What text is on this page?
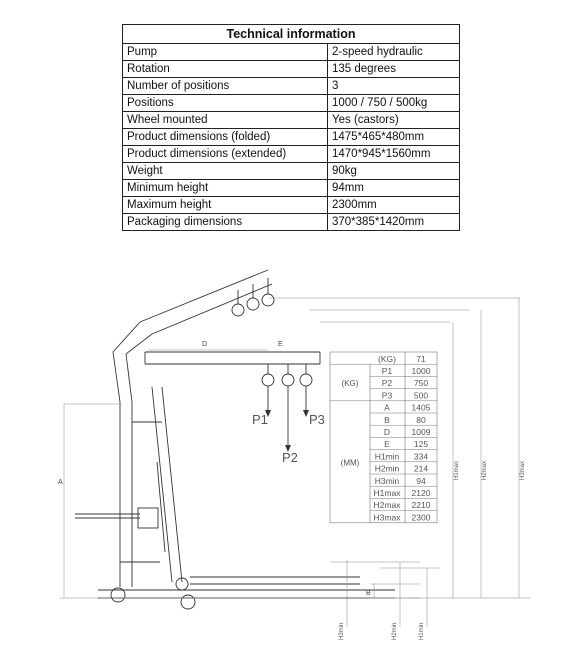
Technical information	
Pump	2-speed hydraulic
Rotation	135 degrees
Number of positions	3
Positions	1000 / 750 / 500kg
Wheel mounted	Yes (castors)
Product dimensions (folded)	1475*465*480mm
Product dimensions (extended)	1470*945*1560mm
Weight	90kg
Minimum height	94mm
Maximum height	2300mm
Packaging dimensions	370*385*1420mm
D	E
A
B
P1
P2
P3
H1max	H2max	H3max
H3min	H2min	H1min
(KG) 71
(KG)
(MM)
P1 1000
P2	750
P3	500
A	1405
B	80
D	1009
E	125
H1min 334
H2min 214
H3min 94
H1max 2120
H2max 2210
H3max 2300
